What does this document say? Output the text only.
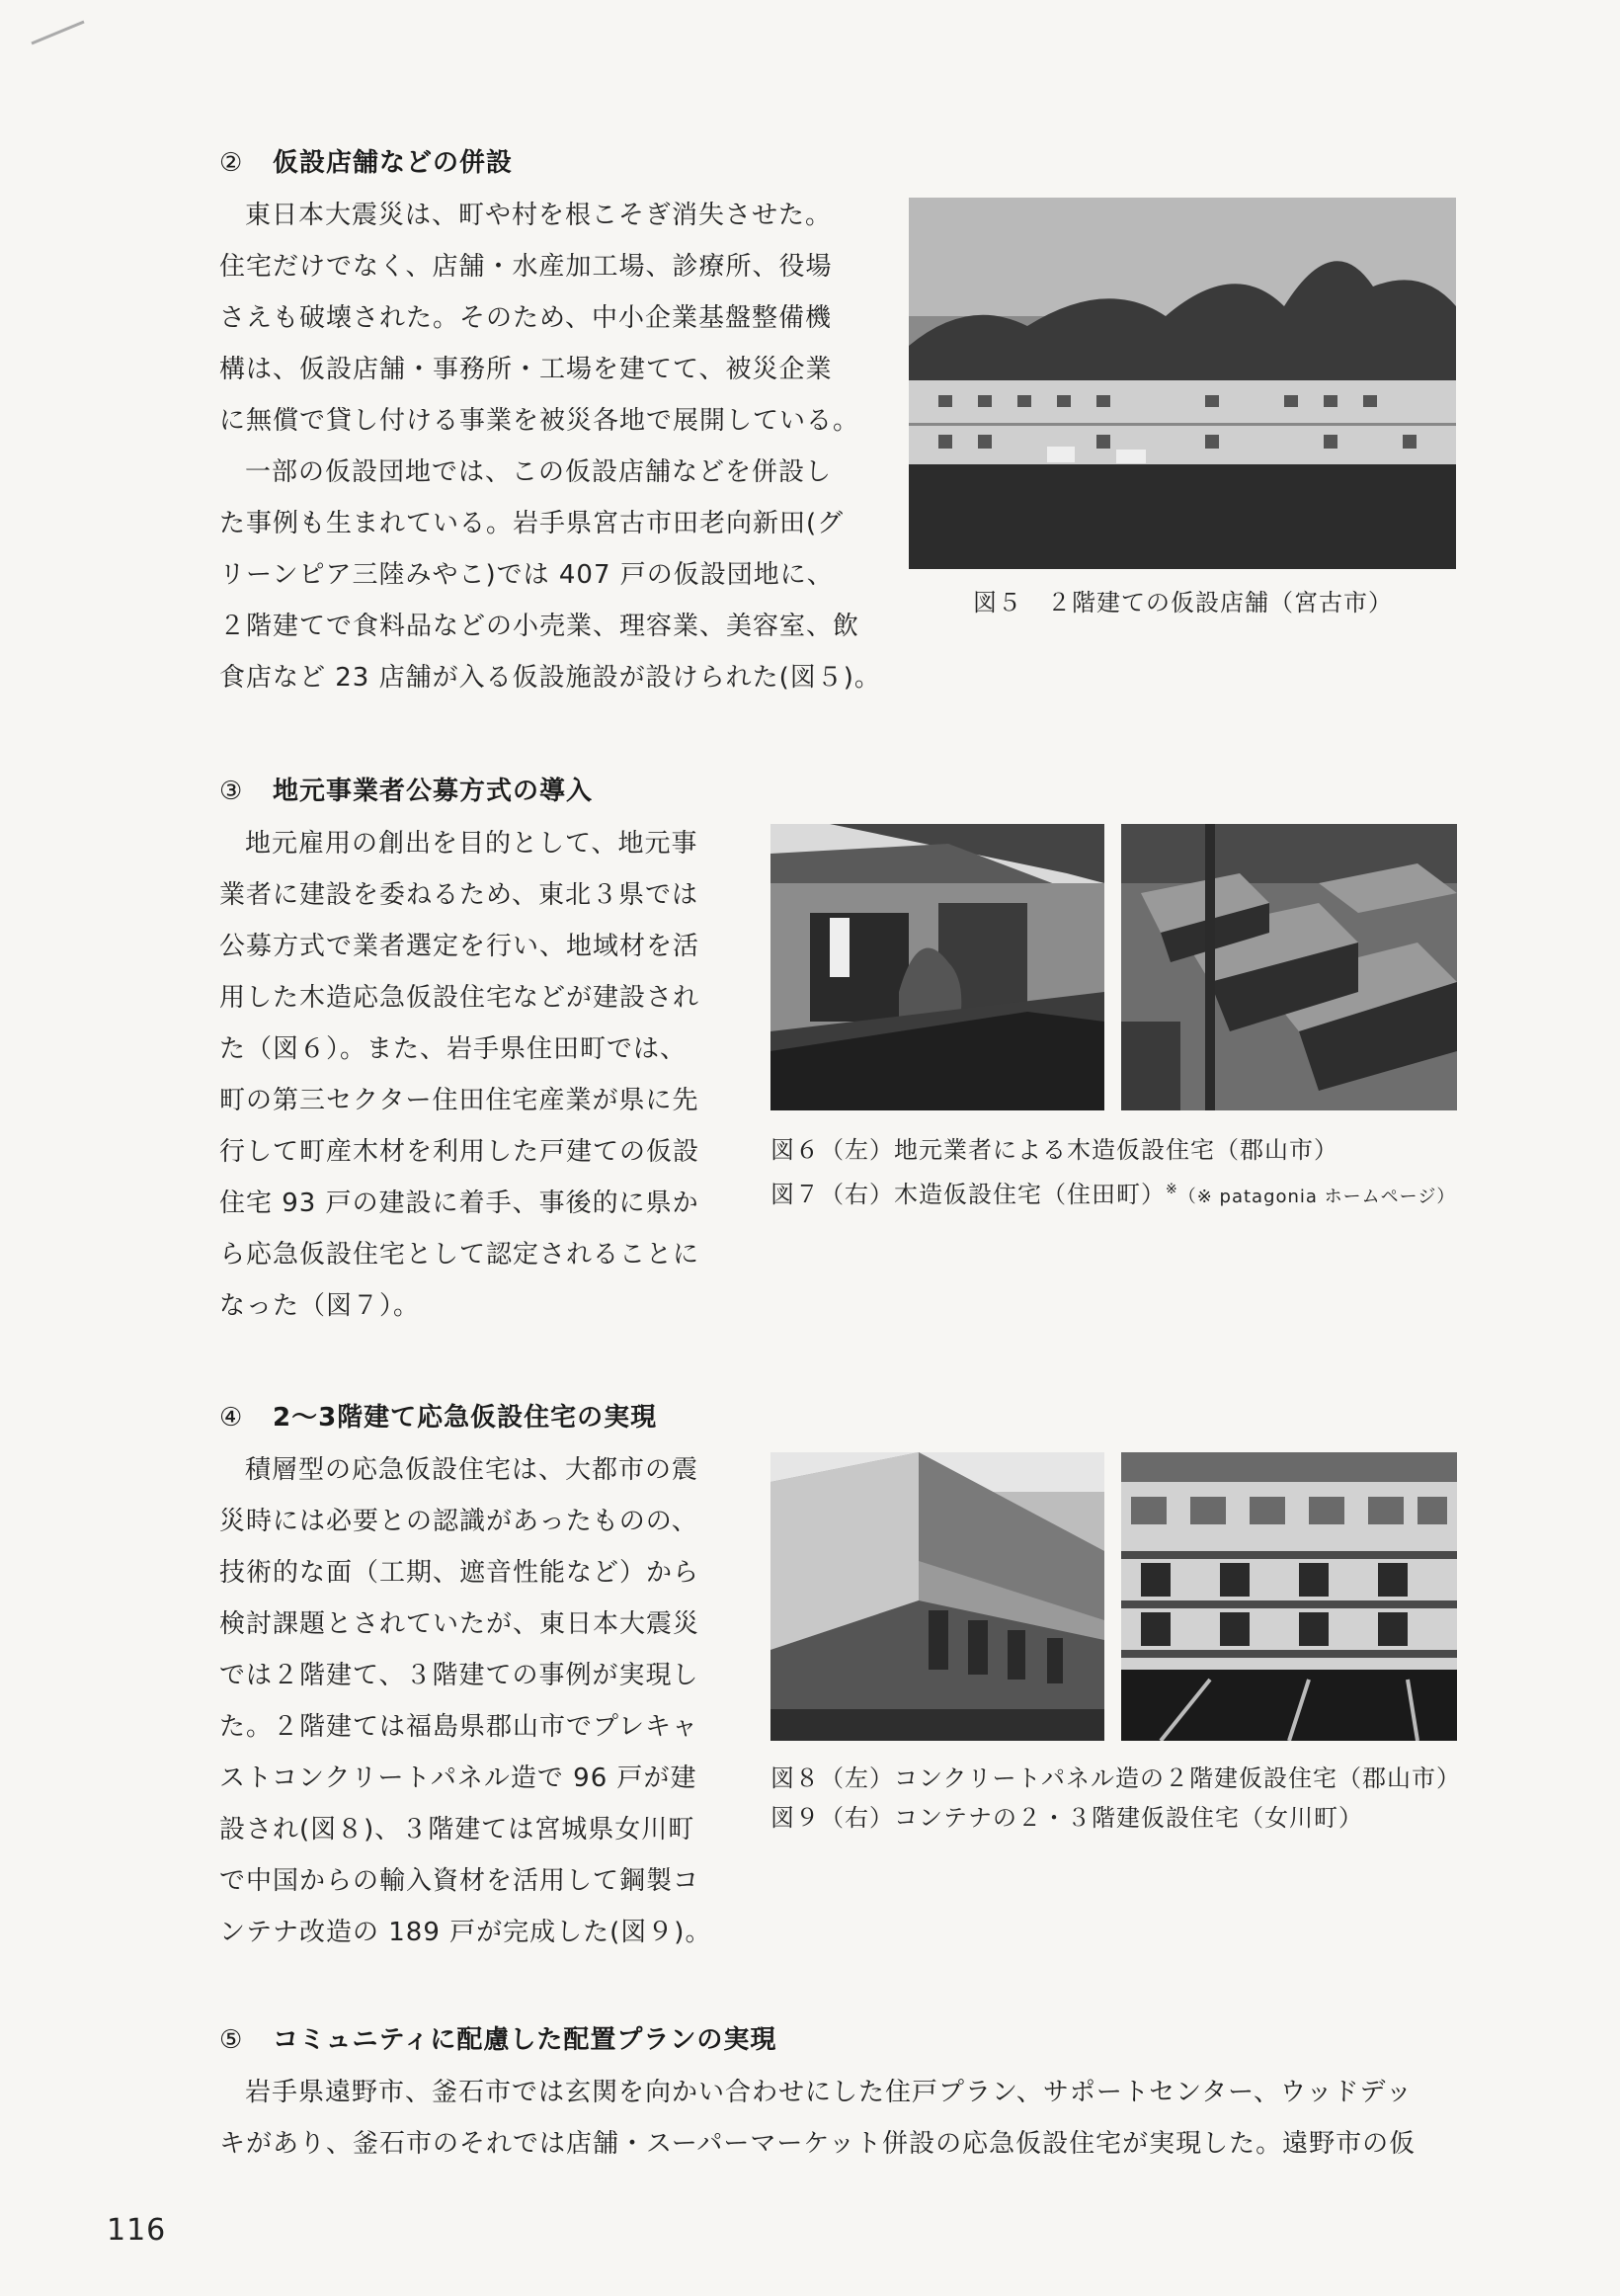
② 仮設店舗などの併設
東日本大震災は、町や村を根こそぎ消失させた。
住宅だけでなく、店舗・水産加工場、診療所、役場
さえも破壊された。そのため、中小企業基盤整備機
構は、仮設店舗・事務所・工場を建てて、被災企業
に無償で貸し付ける事業を被災各地で展開している。
一部の仮設団地では、この仮設店舗などを併設し
た事例も生まれている。岩手県宮古市田老向新田(グ
リーンピア三陸みやこ)では 407 戸の仮設団地に、
２階建てで食料品などの小売業、理容業、美容室、飲
食店など 23 店舗が入る仮設施設が設けられた(図５)。
図５　２階建ての仮設店舗（宮古市）
③ 地元事業者公募方式の導入
地元雇用の創出を目的として、地元事
業者に建設を委ねるため、東北３県では
公募方式で業者選定を行い、地域材を活
用した木造応急仮設住宅などが建設され
た（図６）。また、岩手県住田町では、
町の第三セクター住田住宅産業が県に先
行して町産木材を利用した戸建ての仮設
住宅 93 戸の建設に着手、事後的に県か
ら応急仮設住宅として認定されることに
なった（図７）。
図６（左）地元業者による木造仮設住宅（郡山市）
図７（右）木造仮設住宅（住田町）※（※ patagonia ホームページ）
④ 2〜3階建て応急仮設住宅の実現
積層型の応急仮設住宅は、大都市の震
災時には必要との認識があったものの、
技術的な面（工期、遮音性能など）から
検討課題とされていたが、東日本大震災
では２階建て、３階建ての事例が実現し
た。２階建ては福島県郡山市でプレキャ
ストコンクリートパネル造で 96 戸が建
設され(図８)、３階建ては宮城県女川町
で中国からの輸入資材を活用して鋼製コ
ンテナ改造の 189 戸が完成した(図９)。
図８（左）コンクリートパネル造の２階建仮設住宅（郡山市）
図９（右）コンテナの２・３階建仮設住宅（女川町）
⑤ コミュニティに配慮した配置プランの実現
岩手県遠野市、釜石市では玄関を向かい合わせにした住戸プラン、サポートセンター、ウッドデッ
キがあり、釜石市のそれでは店舗・スーパーマーケット併設の応急仮設住宅が実現した。遠野市の仮
116
